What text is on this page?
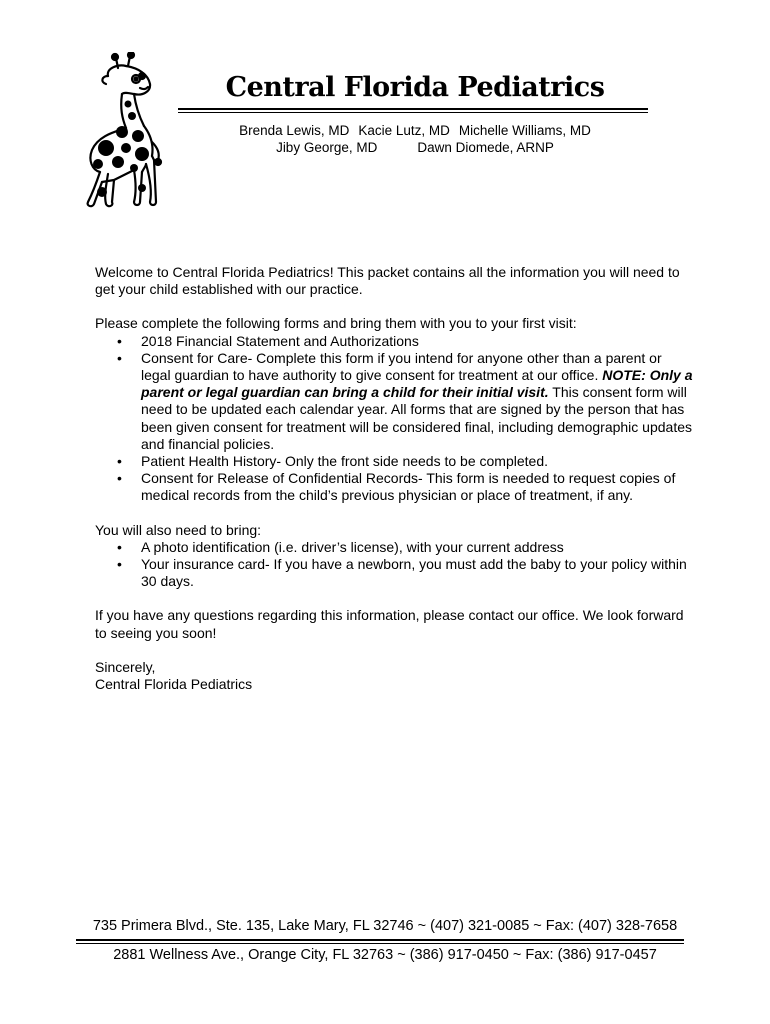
Central Florida Pediatrics
Brenda Lewis, MD Kacie Lutz, MD Michelle Williams, MD
Jiby George, MD	Dawn Diomede, ARNP

Welcome to Central Florida Pediatrics! This packet contains all the information you will need to get your child established with our practice.

Please complete the following forms and bring them with you to your first visit:

• 2018 Financial Statement and Authorizations
• Consent for Care- Complete this form if you intend for anyone other than a parent or legal guardian to have authority to give consent for treatment at our office. NOTE: Only a parent or legal guardian can bring a child for their initial visit. This consent form will need to be updated each calendar year. All forms that are signed by the person that has been given consent for treatment will be considered final, including demographic updates and financial policies.
• Patient Health History- Only the front side needs to be completed.
• Consent for Release of Confidential Records- This form is needed to request copies of medical records from the child’s previous physician or place of treatment, if any.

You will also need to bring:

• A photo identification (i.e. driver’s license), with your current address
• Your insurance card- If you have a newborn, you must add the baby to your policy within 30 days.

If you have any questions regarding this information, please contact our office. We look forward to seeing you soon!

Sincerely,

Central Florida Pediatrics

735 Primera Blvd., Ste. 135, Lake Mary, FL 32746 ~ (407) 321-0085 ~ Fax: (407) 328-7658
2881 Wellness Ave., Orange City, FL 32763 ~ (386) 917-0450 ~ Fax: (386) 917-0457
